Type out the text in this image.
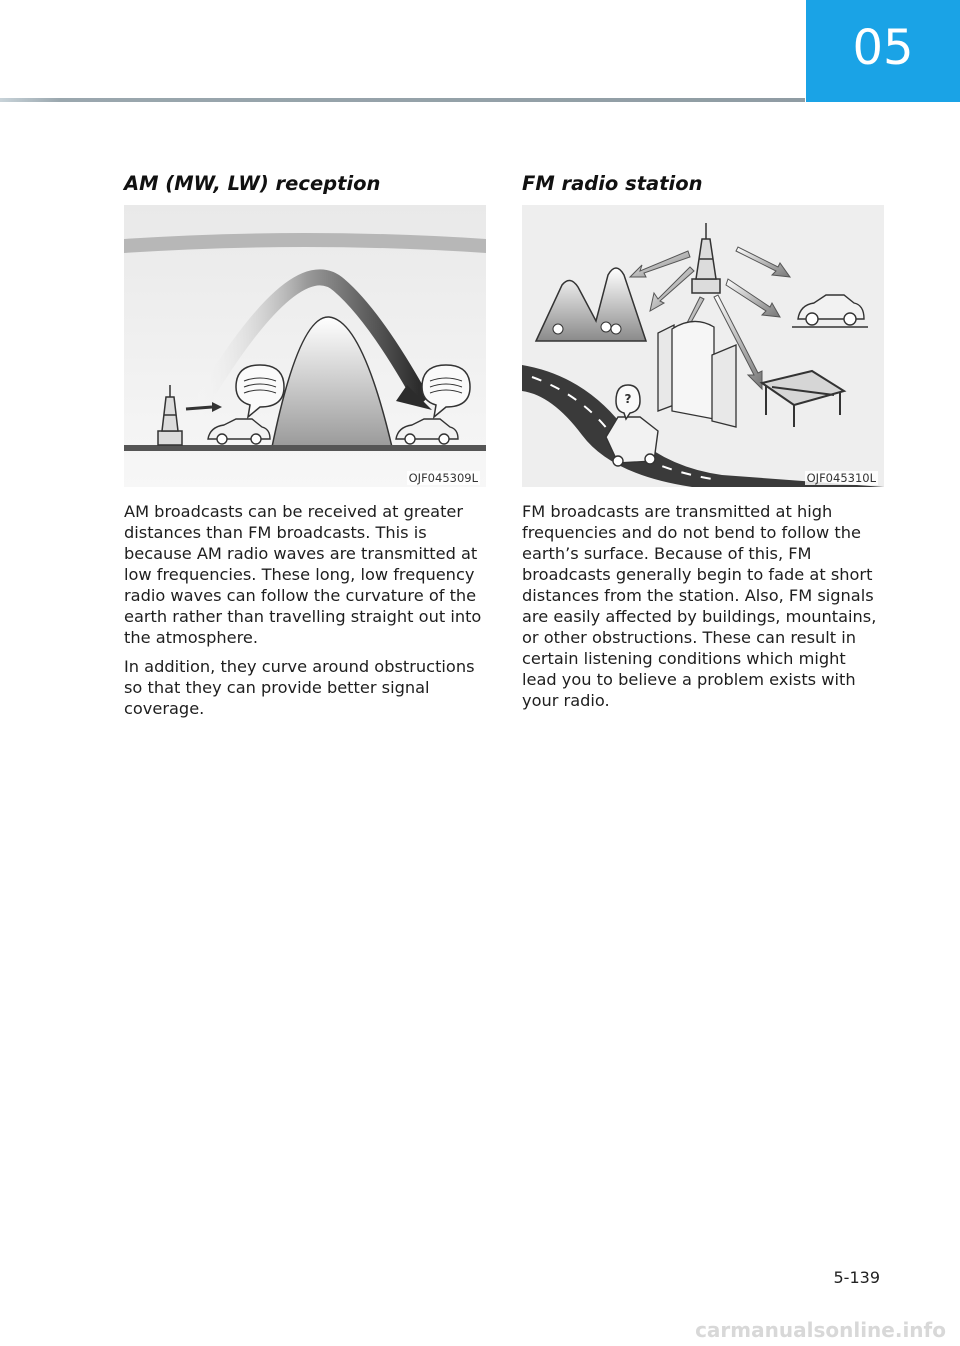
05
AM (MW, LW) reception
OJF045309L

AM broadcasts can be received at greater distances than FM broadcasts. This is because AM radio waves are transmitted at low frequencies. These long, low frequency radio waves can follow the curvature of the earth rather than travelling straight out into the atmosphere.

In addition, they curve around obstructions so that they can provide better signal coverage.

FM radio station
?
OJF045310L

FM broadcasts are transmitted at high frequencies and do not bend to follow the earth’s surface. Because of this, FM broadcasts generally begin to fade at short distances from the station. Also, FM signals are easily affected by buildings, mountains, or other obstructions. These can result in certain listening conditions which might lead you to believe a problem exists with your radio.

5-139
carmanualsonline.info
